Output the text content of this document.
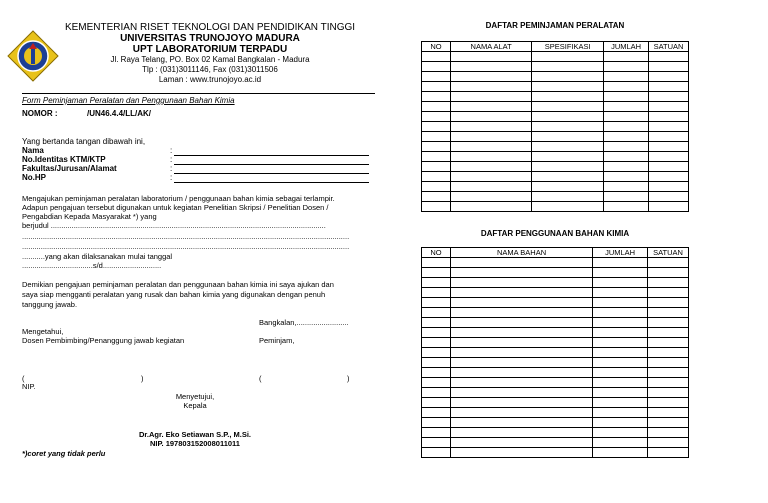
KEMENTERIAN RISET TEKNOLOGI DAN PENDIDIKAN TINGGI
UNIVERSITAS TRUNOJOYO MADURA
UPT LABORATORIUM TERPADU
Jl. Raya Telang, PO. Box 02 Kamal Bangkalan - Madura
Tlp : (031)3011146, Fax (031)3011506
Laman : www.trunojoyo.ac.id
Form Peminjaman Peralatan dan Penggunaan Bahan Kimia
NOMOR :	/UN46.4.4/LL/AK/
Yang bertanda tangan dibawah ini,
Nama	:
No.Identitas KTM/KTP	:
Fakultas/Jurusan/Alamat	:
No.HP	:
Mengajukan peminjaman peralatan laboratorium / penggunaan bahan kimia sebagai terlampir.
Adapun pengajuan tersebut digunakan untuk kegiatan Penelitian Skripsi / Penelitian Dosen /
Pengabdian Kepada Masyarakat *) yang
berjudul ....................................................................................................................................
.............................................................................................................................................................
.............................................................................................................................................................
...........yang akan dilaksanakan mulai tanggal
..................................s/d............................
Demikian pengajuan peminjaman peralatan dan penggunaan bahan kimia ini saya ajukan dan
saya siap mengganti peralatan yang rusak dan bahan kimia yang digunakan dengan penuh
tanggung jawab.
Bangkalan,.........................
Mengetahui,
Dosen Pembimbing/Penanggung jawab kegiatan	Peminjam,
(	)	(	)
NIP.
Menyetujui,
Kepala
Dr.Agr. Eko Setiawan S.P., M.Si.
NIP. 197803152008011011
*)coret yang tidak perlu
DAFTAR PEMINJAMAN PERALATAN
NO	NAMA ALAT	SPESIFIKASI	JUMLAH	SATUAN

DAFTAR PENGGUNAAN BAHAN KIMIA
NO	NAMA BAHAN	JUMLAH	SATUAN
